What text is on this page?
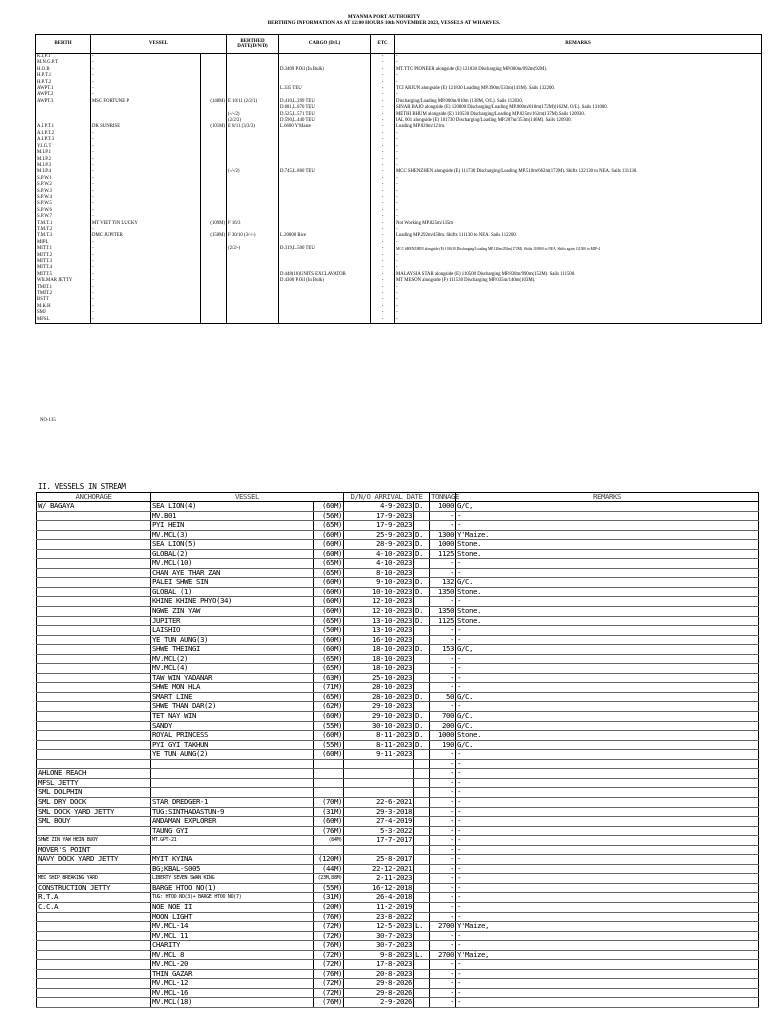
MYANMA PORT AUTHORITY
BERTHING INFORMATION AS AT 12:00 HOURS 10th NOVEMBER 2023, VESSELS AT WHARVES.
BERTH	VESSEL		BERTHED DATE(D/N/D)	CARGO (D/L)	ETC	REMARKS
K.I.P.T	-				-	-
M.N.G.P.T	-				-	-
H.O.B	-			D.3409 P.Oil (In Bulk)	-	MT.TTC PIONEER alongside (E) 121830 Discharging MP.000m/092m(92M).
H.P.T.1	-				-	-
H.P.T.2	-				-	-
AWPT.1	-			L.335 TEU	-	TCI ARJUN alongside (E) 121830 Loading MP.390m/533m(143M). Sails 132200.
AWPT.2	-				-	-
AWPT.3	MSC FORTUNE P	(148M)	E 10/11 (2/2/1)	D.410,L.299 TEU	-	Discharging/Loading MP.000m/010m (138M, O/L). Sails 112030.
				D.681,L.870 TEU	-	SINAR BAJO alongside (E) 120800 Discharging/Loading MP.000m/010m(172M)(162M, O/L). Sails 131000.
			(-/-/2)	D.525,L.571 TEU	-	METHI BHUM alongside (E) 110530 Discharging/Loading MP.025m/162m(137M).Sails 120930.
			(2/2/2)	D.590,L.440 TEU	-	IAL 001 alongside (E) 101730 Discharging/Loading MP.207m/353m(146M). Sails 120930.
A.I.P.T.1	DK SUNRISE	(101M)	E 8/11 (3/3/3)	L.6600 Y'Maize	-	Loading MP.020m/121m.
A.I.P.T.2	-				-	-
A.I.P.T.3	-				-	-
Y.I.G.T	-				-	-
M.I.P.1	-				-	-
M.I.P.2	-				-	-
M.I.P.3	-				-	-
M.I.P.4	-		(-/-/2)	D.745,L.860 TEU	-	MCC SHENZHEN alongside (E) 111730 Discharging/Loading MP.510m/662m(172M). Shifts 122130 to NEA. Sails 131130.
S.P.W.1	-				-	-
S.P.W.2	-				-	-
S.P.W.3	-				-	-
S.P.W.4	-				-	-
S.P.W.5	-				-	-
S.P.W.6	-				-	-
S.P.W.7	-				-	-
T.M.T.1	MT VIET TIN LUCKY	(109M)	F 16/3		-	Not Working MP.025m/135m
T.M.T.2	-				-	-
T.M.T.3	DMC JUPITER	(150M)	F 30/10 (3/-/-)	L.20000 Rice	-	Loading MP.292m/450m. Shifts 111130 to NEA. Sails 112200.
MIPL	-				-	-
MITT.1	-		(2/2/-)	D.319,L.500 TEU	-	MCC SHENZHEN alongside (E) 101630 Discharging/Loading MP.120m/292m(172M). Shifts 110800 to NEA. Shifts again 111500 to MIP-4
MITT.2	-				-	-
MITT.3	-				-	-
MITT.4	-				-	-
MITT.5	-			D.448(18)UNITS EXCLAVATOR	-	MALAYSIA STAR alongside (E) 110500 Discharging MP.838m/990m(152M). Sails 111500.
WILMAR JETTY	-			D.4300 P.Oil (In Bulk)	-	MT MESON alongside (F) 111530 Discharging MP.035m/140m(103M).
TMIT.1	-				-	-
TMIT.2	-				-	-
BSTT	-				-	-
M.K.H	-				-	-
SMJ	-				-	-
MFSL	-				-	-
NO-135
II. VESSELS IN STREAM
ANCHORAGE	VESSEL		D/N/O ARRIVAL DATE		TONNAGE	REMARKS
W/ BAGAYA	SEA LION(4)	(60M)	4-9-2023	D.	1000	G/C,
	MV.B01	(56M)	17-9-2023		-	-
	PYI HEIN	(65M)	17-9-2023		-	-
	MV.MCL(3)	(60M)	25-9-2023	D.	1300	Y'Maize.
	SEA LION(5)	(60M)	28-9-2023	D.	1000	Stone.
	GLOBAL(2)	(60M)	4-10-2023	D.	1125	Stone.
	MV.MCL(10)	(65M)	4-10-2023		-	-
	CHAN AYE THAR ZAN	(65M)	8-10-2023		-	-
	PALEI SHWE SIN	(60M)	9-10-2023	D.	132	G/C.
	GLOBAL (1)	(60M)	10-10-2023	D.	1350	Stone.
	KHINE KHINE PHYO(34)	(60M)	12-10-2023		-	-
	NGWE ZIN YAW	(60M)	12-10-2023	D.	1350	Stone.
	JUPITER	(65M)	13-10-2023	D.	1125	Stone.
	LAISHIO	(50M)	13-10-2023		-	-
	YE TUN AUNG(3)	(60M)	16-10-2023		-	-
	SHWE THEINGI	(60M)	18-10-2023	D.	153	G/C,
	MV.MCL(2)	(65M)	18-10-2023		-	-
	MV.MCL(4)	(65M)	18-10-2023		-	-
	TAW WIN YADANAR	(63M)	25-10-2023		-	-
	SHWE MON HLA	(71M)	28-10-2023		-	-
	SMART LINE	(65M)	28-10-2023	D.	50	G/C.
	SHWE THAN DAR(2)	(62M)	29-10-2023		-	-
	TET NAY WIN	(60M)	29-10-2023	D.	700	G/C.
	SANDY	(55M)	30-10-2023	D.	200	G/C.
	ROYAL PRINCESS	(60M)	8-11-2023	D.	1000	Stone.
	PYI GYI TAKHUN	(55M)	8-11-2023	D.	190	G/C.
	YE TUN AUNG(2)	(60M)	9-11-2023		-	-
					-	-
AHLONE REACH					-	-
MFSL JETTY					-	-
SML DOLPHIN					-	-
SML DRY DOCK	STAR DREDGER-1	(70M)	22-6-2021		-	-
SML DOCK YARD JETTY	TUG:SINTHADASTUN-9	(31M)	29-3-2018		-	-
SML BOUY	ANDAMAN EXPLORER	(60M)	27-4-2019		-	-
	TAUNG GYI	(76M)	5-3-2022		-	-
SHWE ZIN YAW HEIN BUOY	MT.GPT-21	(84M)	17-7-2017		-	-
MOVER'S POINT					-	-
NAVY DOCK YARD JETTY	MYIT KYINA	(120M)	25-8-2017		-	-
	BG;KBAL-S005	(44M)	22-12-2021		-	-
MEC SHIP BREAKING YARD	LIBERTY SEVEN SWAN KING	(23M,88M)	2-11-2023		-	-
CONSTRUCTION JETTY	BARGE HTOO NO(1)	(55M)	16-12-2018		-	-
R.T.A	TUG: HTOO NO(3)+ BARGE HTOO NO(7)	(31M)	26-4-2018		-	-
C.C.A	NOE NOE II	(20M)	11-2-2019		-	-
	MOON LIGHT	(76M)	23-8-2022		-	-
	MV.MCL-14	(72M)	12-5-2023	L.	2700	Y'Maize,
	MV.MCL 11	(72M)	30-7-2023		-	-
	CHARITY	(76M)	30-7-2023		-	-
	MV.MCL 8	(72M)	9-8-2023	L.	2700	Y'Maize,
	MV.MCL-20	(72M)	17-8-2023		-	-
	THIN GAZAR	(76M)	20-8-2023		-	-
	MV.MCL-12	(72M)	29-8-2026		-	-
	MV.MCL-16	(72M)	29-8-2026		-	-
	MV.MCL(18)	(76M)	2-9-2026		-	-
